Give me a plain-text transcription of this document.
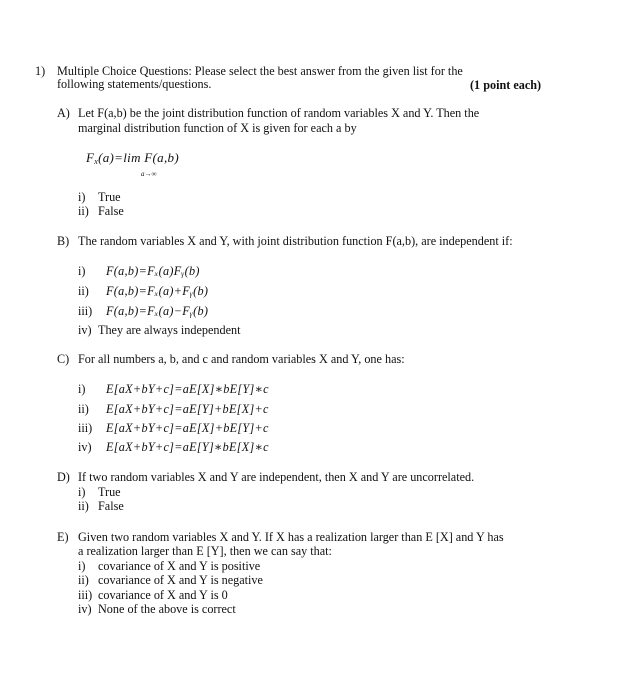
1) Multiple Choice Questions: Please select the best answer from the given list for the
following statements/questions.	(1 point each)
A) Let F(a,b) be the joint distribution function of random variables X and Y. Then the
marginal distribution function of X is given for each a by
$F_x(a)=\lim$ F(a,b)
a→∞
i) True
ii) False
B) The random variables X and Y, with joint distribution function F(a,b), are independent if:
i) F(a,b)=Fₓ(a)Fᵧ(b)
ii) F(a,b)=Fₓ(a)+Fᵧ(b)
iii) F(a,b)=Fₓ(a)−Fᵧ(b)
iv) They are always independent
C) For all numbers a, b, and c and random variables X and Y, one has:
i) E[aX+bY+c]=aE[X]∗bE[Y]∗c
ii) E[aX+bY+c]=aE[Y]+bE[X]+c
iii) E[aX+bY+c]=aE[X]+bE[Y]+c
iv) E[aX+bY+c]=aE[Y]∗bE[X]∗c
D) If two random variables X and Y are independent, then X and Y are uncorrelated.
i) True
ii) False
E) Given two random variables X and Y. If X has a realization larger than E [X] and Y has
a realization larger than E [Y], then we can say that:
i) covariance of X and Y is positive
ii) covariance of X and Y is negative
iii) covariance of X and Y is 0
iv) None of the above is correct
